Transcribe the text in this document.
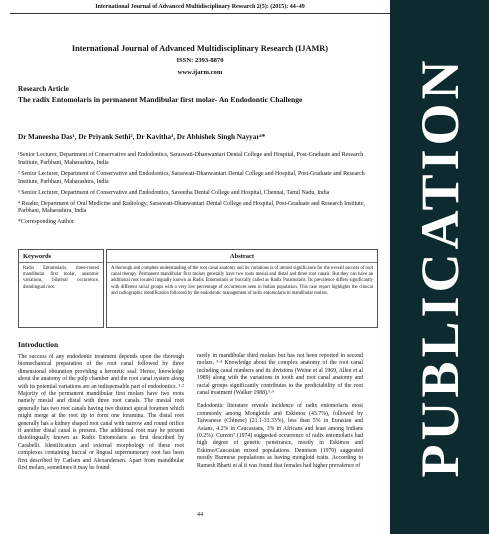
International Journal of Advanced Multidisciplinary Research 2(5): (2015): 44–49
International Journal of Advanced Multidisciplinary Research (IJAMR)
ISSN: 2393-8870
www.ijarm.com
Research Article
The radix Entomolaris in permanent Mandibular first molar- An Endodontic Challenge
Dr Maneesha Das¹, Dr Priyank Sethi², Dr Kavitha³, Dr Abhishek Singh Nayyar⁴*

¹Senior Lecturer, Department of Conservative and Endodontics, Saraswati-Dhanwantari Dental College and Hospital, Post-Graduate and Research Institute, Parbhani, Maharashtra, India

² Senior Lecturer, Department of Conservative and Endodontics, Saraswati-Dhanwantari Dental College and Hospital, Post-Graduate and Research Institute, Parbhani, Maharashtra, India

³ Senior Lecturer, Department of Conservative and Endodontics, Saveetha Dental College and Hospital, Chennai, Tamil Nadu, India

⁴ Reader, Department of Oral Medicine and Radiology, Saraswati-Dhanwantari Dental College and Hospital, Post-Graduate and Research Institute, Parbhani, Maharashtra, India

*Corresponding Author

Keywords
Radix Entomolaris, three-rooted mandibular first molar, anatomic variations, bilateral occurrence, distolingual root.
Abstract
A thorough and complete understanding of the root canal anatomy and its variations is of utmost significance for the overall success of root canal therapy. Permanent mandibular first molars generally have two roots mesial and distal and three root canals. But they can have an additional root located lingually known as Radix Entomolaris or buccally called as Radix Paramolaris. Its prevalence differs significantly with different racial groups with a very low percentage of occurrences seen in Indian population. This case report highlights the clinical and radiographic identification followed by the endodontic management of radix entomolaris in mandibular molars.
Introduction

The success of any endodontic treatment depends upon the thorough biomechanical preparation of the root canal followed by three dimensional obturation providing a hermetic seal. Hence, knowledge about the anatomy of the pulp chamber and the root canal system along with its potential variations are an indispensable part of endodontics. ¹·² Majority of the permanent mandibular first molars have two roots namely mesial and distal with three root canals. The mesial root generally has two root canals having two distinct apical foramen which might merge at the root tip to form one foramina. The distal root generally has a kidney shaped root canal with narrow and round orifice if another distal canal is present. The additional root may be present distolingually known as Radix Entomolaris as first described by Carabelli. Identification and external morphology of these root complexes containing buccal or lingual supernumerary root has been first described by Carlsen and Alexandersen. Apart from mandibular first molars, sometimes it may be found

rarely in mandibular third molars but has not been reported in second molars. ³·⁴ Knowledge about the complex anatomy of the root canal including canal numbers and its divisions (Weine et al 1969, Allen et al 1989) along with the variations in tooth and root canal anatomy and racial groups significantly contributes to the predictability of the root canal treatment (Walker 1988).⁵·⁶

Endodontic literature reveals incidence of radix entomolaris most commonly among Mongloids and Eskimos (43.7%), followed by Taiwanese (Chinese) (21.1-33.33%), less than 5% in Eurasian and Asians, 4.2% in Caucasians, 3% in Africans and least among Indians (0.2%). Curzon⁷ (1974) suggested occurrence of radix entomolaris had high degree of genetic penetrance, mostly in Eskimos and Eskimo/Caucasian mixed populations. Dennison (1970) suggested mostly Burmese populations as having mongloid traits. According to Ramesh Bharti et al it was found that females had higher prevalence of

44
PUBLICATION
